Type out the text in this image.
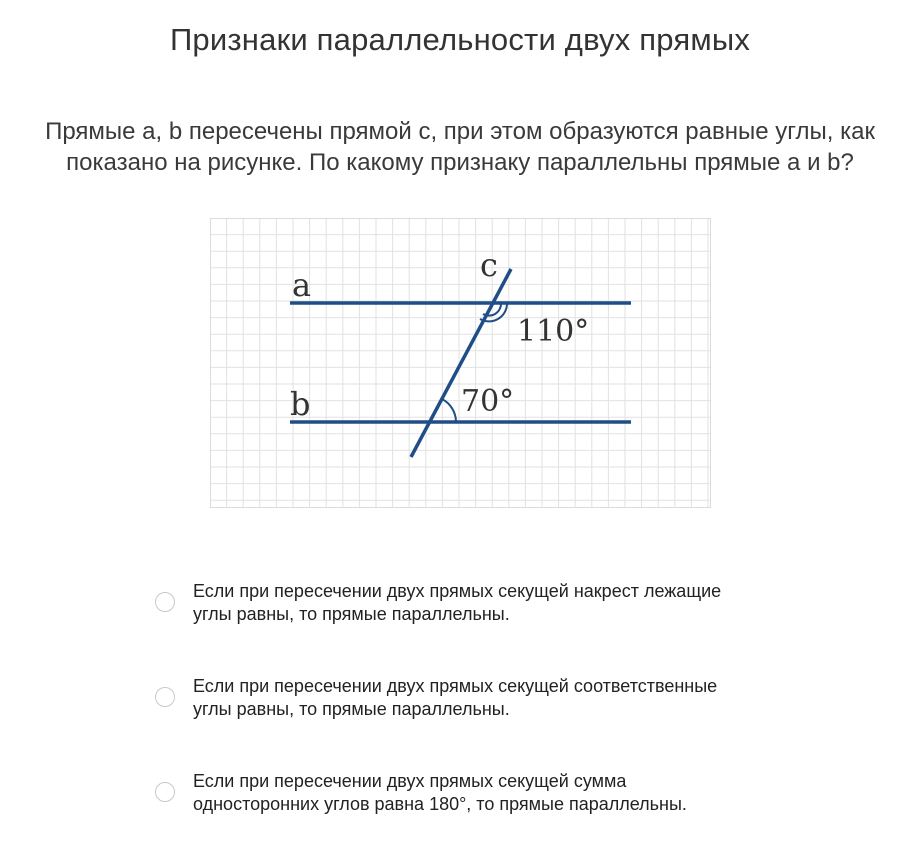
Признаки параллельности двух прямых
Прямые a, b пересечены прямой c, при этом образуются равные углы, как показано на рисунке. По какому признаку параллельны прямые a и b?
a
b
c
110°
70°
Если при пересечении двух прямых секущей накрест лежащие углы равны, то прямые параллельны.
Если при пересечении двух прямых секущей соответственные углы равны, то прямые параллельны.
Если при пересечении двух прямых секущей сумма односторонних углов равна 180°, то прямые параллельны.
